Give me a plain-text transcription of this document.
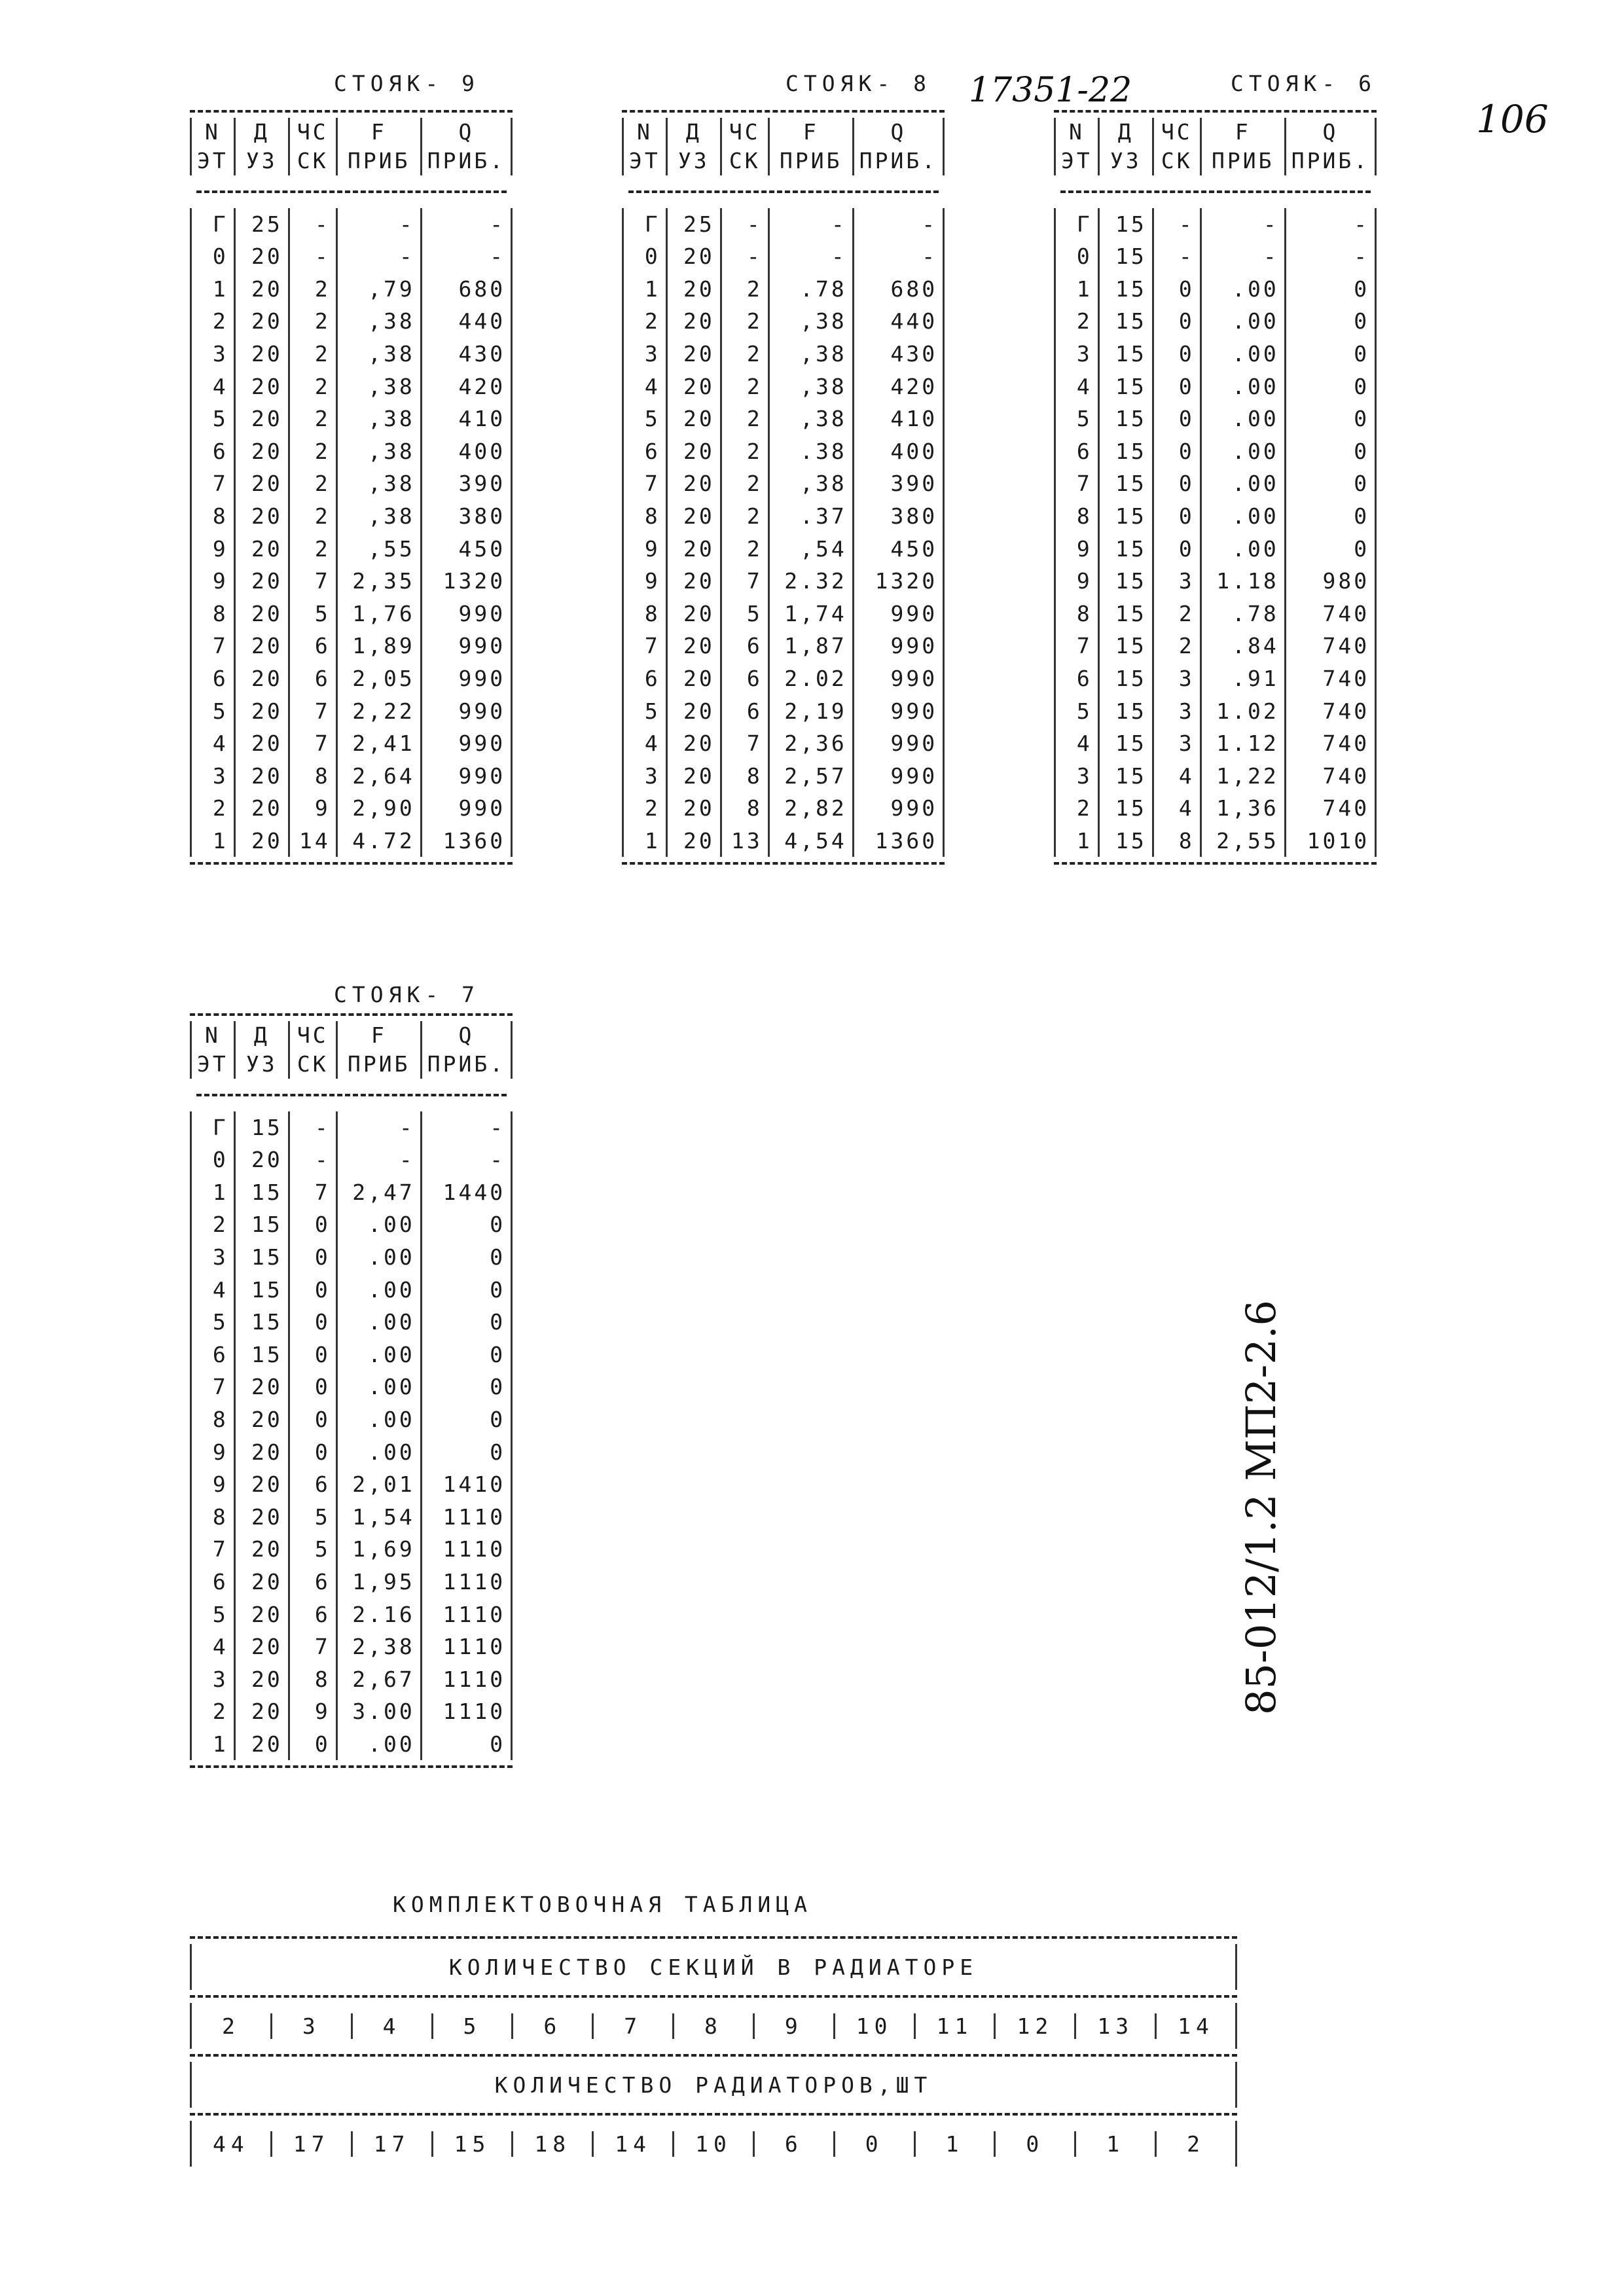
106
17351-22
85-012/1.2 МП2-2.6
N	Д	ЧС	F	Q
ЭТ	УЗ	СК	ПРИБ	ПРИБ.

Г	25	-	-	-
0	20	-	-	-
1	20	2	,79	680
2	20	2	,38	440
3	20	2	,38	430
4	20	2	,38	420
5	20	2	,38	410
6	20	2	,38	400
7	20	2	,38	390
8	20	2	,38	380
9	20	2	,55	450
9	20	7	2,35	1320
8	20	5	1,76	990
7	20	6	1,89	990
6	20	6	2,05	990
5	20	7	2,22	990
4	20	7	2,41	990
3	20	8	2,64	990
2	20	9	2,90	990
1	20	14	4.72	1360
N	Д	ЧС	F	Q
ЭТ	УЗ	СК	ПРИБ	ПРИБ.

Г	25	-	-	-
0	20	-	-	-
1	20	2	.78	680
2	20	2	,38	440
3	20	2	,38	430
4	20	2	,38	420
5	20	2	,38	410
6	20	2	.38	400
7	20	2	,38	390
8	20	2	.37	380
9	20	2	,54	450
9	20	7	2.32	1320
8	20	5	1,74	990
7	20	6	1,87	990
6	20	6	2.02	990
5	20	6	2,19	990
4	20	7	2,36	990
3	20	8	2,57	990
2	20	8	2,82	990
1	20	13	4,54	1360
N	Д	ЧС	F	Q
ЭТ	УЗ	СК	ПРИБ	ПРИБ.

Г	15	-	-	-
0	15	-	-	-
1	15	0	.00	0
2	15	0	.00	0
3	15	0	.00	0
4	15	0	.00	0
5	15	0	.00	0
6	15	0	.00	0
7	15	0	.00	0
8	15	0	.00	0
9	15	0	.00	0
9	15	3	1.18	980
8	15	2	.78	740
7	15	2	.84	740
6	15	3	.91	740
5	15	3	1.02	740
4	15	3	1.12	740
3	15	4	1,22	740
2	15	4	1,36	740
1	15	8	2,55	1010
N	Д	ЧС	F	Q
ЭТ	УЗ	СК	ПРИБ	ПРИБ.

Г	15	-	-	-
0	20	-	-	-
1	15	7	2,47	1440
2	15	0	.00	0
3	15	0	.00	0
4	15	0	.00	0
5	15	0	.00	0
6	15	0	.00	0
7	20	0	.00	0
8	20	0	.00	0
9	20	0	.00	0
9	20	6	2,01	1410
8	20	5	1,54	1110
7	20	5	1,69	1110
6	20	6	1,95	1110
5	20	6	2.16	1110
4	20	7	2,38	1110
3	20	8	2,67	1110
2	20	9	3.00	1110
1	20	0	.00	0
СТОЯК- 9	СТОЯК- 8	СТОЯК- 6
СТОЯК- 7
КОМПЛЕКТОВОЧНАЯ ТАБЛИЦА
КОЛИЧЕСТВО СЕКЦИЙ В РАДИАТОРЕ
2	3	4	5	6	7	8	9	10	11	12	13	14
КОЛИЧЕСТВО РАДИАТОРОВ,ШТ
44	17	17	15	18	14	10	6	0	1	0	1	2
